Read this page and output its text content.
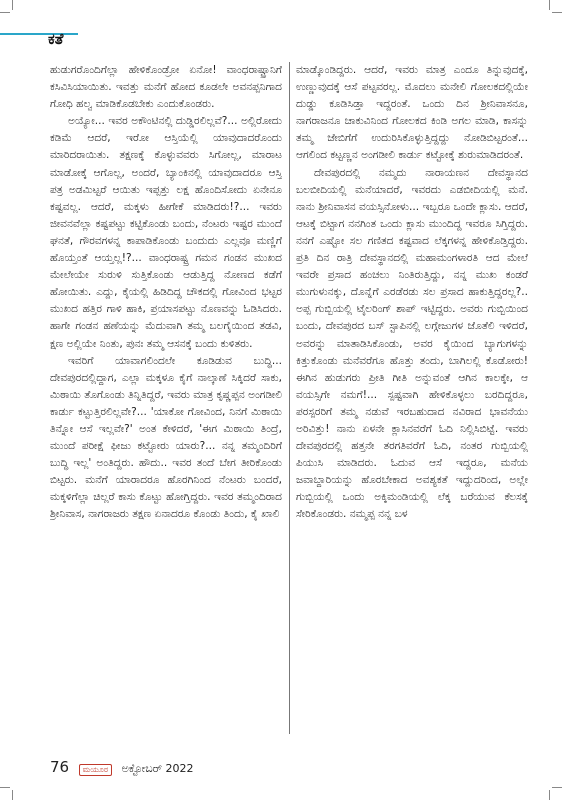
ಕತೆ

ಹುಡುಗರೊಂದಿಗೆಲ್ಲಾ ಹೇಳಿಕೊಂಡ್ರೋ ಏನೋ! ವಾಂಧರಾಷ್ಟ್ರಾನಿಗೆ ಕಸಿವಿಸಿಯಾಯಿತು. ಇವತ್ತು ಮನೆಗೆ ಹೋದ ಕೂಡಲೇ ಅವನಪ್ಪನಿಗಾದ ಗೋಧಿ ಹಲ್ವ ಮಾಡಿಕೊಡಬೇಕು ಎಂದುಕೊಂಡರು.

ಅಯ್ಯೋ... ಇವರ ಅಕೌಂಟಿನಲ್ಲಿ ದುಡ್ಡಿರಲಿಲ್ಲವೆ?... ಅಲ್ಲಿರೋದು ಕಡಿಮೆ ಆದರೆ, ಇರೋ ಆಸ್ತಿಯೆಲ್ಲಿ ಯಾವುದಾದರೊಂದು ಮಾರಿದರಾಯಿತು. ತಕ್ಷಣಕ್ಕೆ ಕೊಳ್ಳುವವರು ಸಿಗೋಲ್ಲ, ಮಾರಾಟ ಮಾಡೋಕ್ಕೆ ಆಗೊಲ್ಲ, ಅಂದರೆ, ಬ್ಯಾಂಕಿನಲ್ಲಿ ಯಾವುದಾದರೂ ಆಸ್ತಿ ಪತ್ರ ಅಡಮಿಟ್ಟರೆ ಆಯಿತು ಇಪ್ಪತ್ತು ಲಕ್ಷ ಹೊಂದಿಸೋದು ಏನೇನೂ ಕಷ್ಟವಲ್ಲ. ಆದರೆ, ಮಕ್ಕಳು ಹೀಗೇಕೆ ಮಾಡಿದರು!?... ಇವರು ಜೀವನವೆಲ್ಲಾ ಕಷ್ಟಪಟ್ಟು ಕಟ್ಟಿಕೊಂಡು ಬಂದು, ನೆಂಟರು ಇಷ್ಟರ ಮುಂದೆ ಘನತೆ, ಗೌರವಗಳನ್ನ ಕಾಪಾಡಿಕೊಂಡು ಬಂದುದು ಎಲ್ಲವೂ ಮಣ್ಣಿಗೆ ಹೊಯ್ತಂತೆ ಆಯ್ತಲ್ಲ!?... ವಾಂಧರಾಷ್ಟ್ರ ಗಮನ ಗಂಡನ ಮುಖದ ಮೇಲೇಯೇ ಸುರುಳಿ ಸುತ್ತಿಕೊಂಡು ಆಡುತ್ತಿದ್ದ ನೋಣದ ಕಡೆಗೆ ಹೋಯಿತು. ಎದ್ದು, ಕೈಯಲ್ಲಿ ಹಿಡಿದಿದ್ದ ಚೌಕದಲ್ಲಿ ಗೋವಿಂದ ಭಟ್ಟರ ಮುಖದ ಹತ್ತಿರ ಗಾಳಿ ಹಾಕಿ, ಪ್ರಯಾಸಪಟ್ಟು ನೊಣವನ್ನು ಓಡಿಸಿದರು. ಹಾಗೇ ಗಂಡನ ಹಣೆಯನ್ನು ಮೆದುವಾಗಿ ತಮ್ಮ ಬಲಗೈಯಿಂದ ತಡವಿ, ಕ್ಷಣ ಅಲ್ಲಿಯೇ ನಿಂತು, ಪುನಃ ತಮ್ಮ ಆಸನಕ್ಕೆ ಬಂದು ಕುಳಿತರು.

ಇವರಿಗೆ ಯಾವಾಗಲಿಂದಲೇ ಕೂಡಿಡುವ ಬುದ್ಧಿ... ದೇವಪುರದಲ್ಲಿದ್ದಾಗ, ಎಲ್ಲಾ ಮಕ್ಕಳೂ ಕೈಗೆ ನಾಲ್ಕಾಣೆ ಸಿಕ್ಕಿದರೆ ಸಾಕು, ಮಿಠಾಯಿ ತೊಗೊಂಡು ತಿನ್ನಿತಿದ್ದರೆ, ಇವರು ಮಾತ್ರ ಕೃಷ್ಣಪ್ಪನ ಅಂಗಡೀಲಿ ಕಾರ್ಡು ಕಟ್ಟುತ್ತಿರಲಿಲ್ಲವೇ?... 'ಯಾಕೋ ಗೋವಿಂದ, ನಿನಗೆ ಮಿಠಾಯಿ ತಿನ್ನೋ ಆಸೆ ಇಲ್ಲವೇ?' ಅಂತ ಕೇಳಿದರೆ, 'ಈಗ ಮಿಠಾಯಿ ತಿಂದ್ರೆ, ಮುಂದೆ ಪರೀಕ್ಷೆ ಫೀಜು ಕಟ್ಟೋರು ಯಾರು?... ನನ್ನ ತಮ್ಮಂದಿರಿಗೆ ಬುದ್ಧಿ ಇಲ್ಲ' ಅಂತಿದ್ದರು. ಹೌದು.. ಇವರ ತಂದೆ ಬೇಗ ತೀರಿಕೊಂಡು ಬಿಟ್ಟರು. ಮನೆಗೆ ಯಾರಾದರೂ ಹೊರಗಿನಿಂದ ನೆಂಟರು ಬಂದರೆ, ಮಕ್ಕಳಿಗೆಲ್ಲಾ ಚಿಲ್ಲರೆ ಕಾಸು ಕೊಟ್ಟು ಹೋಗ್ತಿದ್ದರು. ಇವರ ತಮ್ಮಂದಿರಾದ ಶ್ರೀನಿವಾಸ, ನಾಗರಾಜರು ತಕ್ಷಣ ಏನಾದರೂ ಕೊಂಡು ತಿಂದು, ಕೈ ಖಾಲಿ

ಮಾಡ್ಕೊಂಡಿದ್ದರು. ಆದರೆ, ಇವರು ಮಾತ್ರ ಎಂದೂ ತಿನ್ನುವುದಕ್ಕೆ, ಉಣ್ಣುವುದಕ್ಕೆ ಆಸೆ ಪಟ್ಟವರಲ್ಲ. ಮೊದಲು ಮನೇಲಿ ಗೋಲಕದಲ್ಲಿಯೇ ದುಡ್ಡು ಕೂಡಿಸಿಡ್ತಾ ಇದ್ದರಂತೆ. ಒಂದು ದಿನ ಶ್ರೀನಿವಾಸನೂ, ನಾಗರಾಜನೂ ಚಾಕುವಿನಿಂದ ಗೋಲಕದ ಕಿಂಡಿ ಅಗಲ ಮಾಡಿ, ಕಾಸನ್ನು ತಮ್ಮ ಜೇಬಿಗೆಗೆ ಉದುರಿಸಿಕೊಳ್ಳುತ್ತಿದ್ದದ್ದು ನೋಡಿಬಿಟ್ಟರಂತೆ... ಆಗಲಿಂದ ಕಟ್ಟಣ್ಣನ ಅಂಗಡೀಲಿ ಕಾರ್ಡು ಕಟ್ಟೋಕ್ಕೆ ಶುರುಮಾಡಿದರಂತೆ.

ದೇವಪುರದಲ್ಲಿ ನಮ್ಮದು ನಾರಾಯಣನ ದೇವಸ್ಥಾನದ ಬಲಬೀದಿಯಲ್ಲಿ ಮನೆಯಾದರೆ, ಇವರದು ಎಡಬೀದಿಯಲ್ಲಿ ಮನೆ. ನಾನು ಶ್ರೀನಿವಾಸನ ವಯಸ್ಸಿನೋಳು... ಇಬ್ಬರೂ ಒಂದೇ ಕ್ಲಾಸು. ಆದರೆ, ಆಟಕ್ಕೆ ಬಿಟ್ಟಾಗ ನನಗಿಂತ ಒಂದು ಕ್ಲಾಸು ಮುಂದಿದ್ದ ಇವರೂ ಸಿಗ್ತಿದ್ದರು. ನನಗೆ ಎಷ್ಟೋ ಸಲ ಗಣಿತದ ಕಷ್ಟವಾದ ಲೆಕ್ಕಗಳನ್ನ ಹೇಳಿಕೊಡ್ತಿದ್ದರು. ಪ್ರತಿ ದಿನ ರಾತ್ರಿ ದೇವಸ್ಥಾನದಲ್ಲಿ ಮಹಾಮಂಗಳಾರತಿ ಆದ ಮೇಲೆ ಇವರೇ ಪ್ರಸಾದ ಹಂಚಲು ನಿಂತಿರುತ್ತಿದ್ದು, ನನ್ನ ಮುಖ ಕಂಡರೆ ಮುಗುಳುನಕ್ಕು, ದೊನ್ನೆಗೆ ಎರಡೆರಡು ಸಲ ಪ್ರಸಾದ ಹಾಕುತ್ತಿದ್ದರಲ್ಲ?.. ಅಪ್ಪ ಗುಬ್ಬಿಯಲ್ಲಿ ಟೈಲರಿಂಗ್ ಶಾಪ್ ಇಟ್ಟಿದ್ದರು. ಅವರು ಗುಬ್ಬಿಯಿಂದ ಬಂದು, ದೇವಪುರದ ಬಸ್ ಸ್ಟಾಪಿನಲ್ಲಿ ಲಗ್ಗೇಜುಗಳ ಜೊತೆಲಿ ಇಳಿದರೆ, ಅವರನ್ನು ಮಾತಾಡಿಸಿಕೊಂಡು, ಅವರ ಕೈಯಿಂದ ಬ್ಯಾಗುಗಳನ್ನು ಕಿತ್ತುಕೊಂಡು ಮನೆವರೆಗೂ ಹೊತ್ತು ತಂದು, ಬಾಗಿಲಲ್ಲಿ ಕೊಡೋರು! ಈಗಿನ ಹುಡುಗರು ಪ್ರೀತಿ ಗೀತಿ ಅನ್ನುವಂತೆ ಆಗಿನ ಕಾಲಕ್ಕೇ, ಆ ವಯಸ್ಸಿಗೇ ನಮಗೆ!... ಸ್ಪಷ್ಟವಾಗಿ ಹೇಳಿಕೊಳ್ಳಲು ಬರದಿದ್ದರೂ, ಪರಸ್ಪರರಿಗೆ ತಮ್ಮ ನಡುವೆ ಇರಬಹುದಾದ ನವಿರಾದ ಭಾವನೆಯು ಅರಿವಿತ್ತು! ನಾನು ಏಳನೇ ಕ್ಲಾಸಿನವರೆಗೆ ಓದಿ ನಿಲ್ಲಿಸಿಬಿಟ್ಟೆ. ಇವರು ದೇವಪುರದಲ್ಲಿ ಹತ್ತನೇ ತರಗತಿವರೆಗೆ ಓದಿ, ನಂತರ ಗುಬ್ಬಿಯಲ್ಲಿ ಪಿಯುಸಿ ಮಾಡಿದರು. ಓದುವ ಆಸೆ ಇದ್ದರೂ, ಮನೆಯ ಜವಾಬ್ದಾರಿಯನ್ನು ಹೊರಬೇಕಾದ ಅವಶ್ಯಕತೆ ಇದ್ದುದರಿಂದ, ಅಲ್ಲೇ ಗುಬ್ಬಿಯಲ್ಲಿ ಒಂದು ಅಕ್ಕಿಮಂಡಿಯಲ್ಲಿ ಲೆಕ್ಕ ಬರೆಯುವ ಕೆಲಸಕ್ಕೆ ಸೇರಿಕೊಂಡರು. ನಮ್ಮಪ್ಪ ನನ್ನ ಬಳ

76 ಮಯೂರ ಅಕ್ಟೋಬರ್ 2022
